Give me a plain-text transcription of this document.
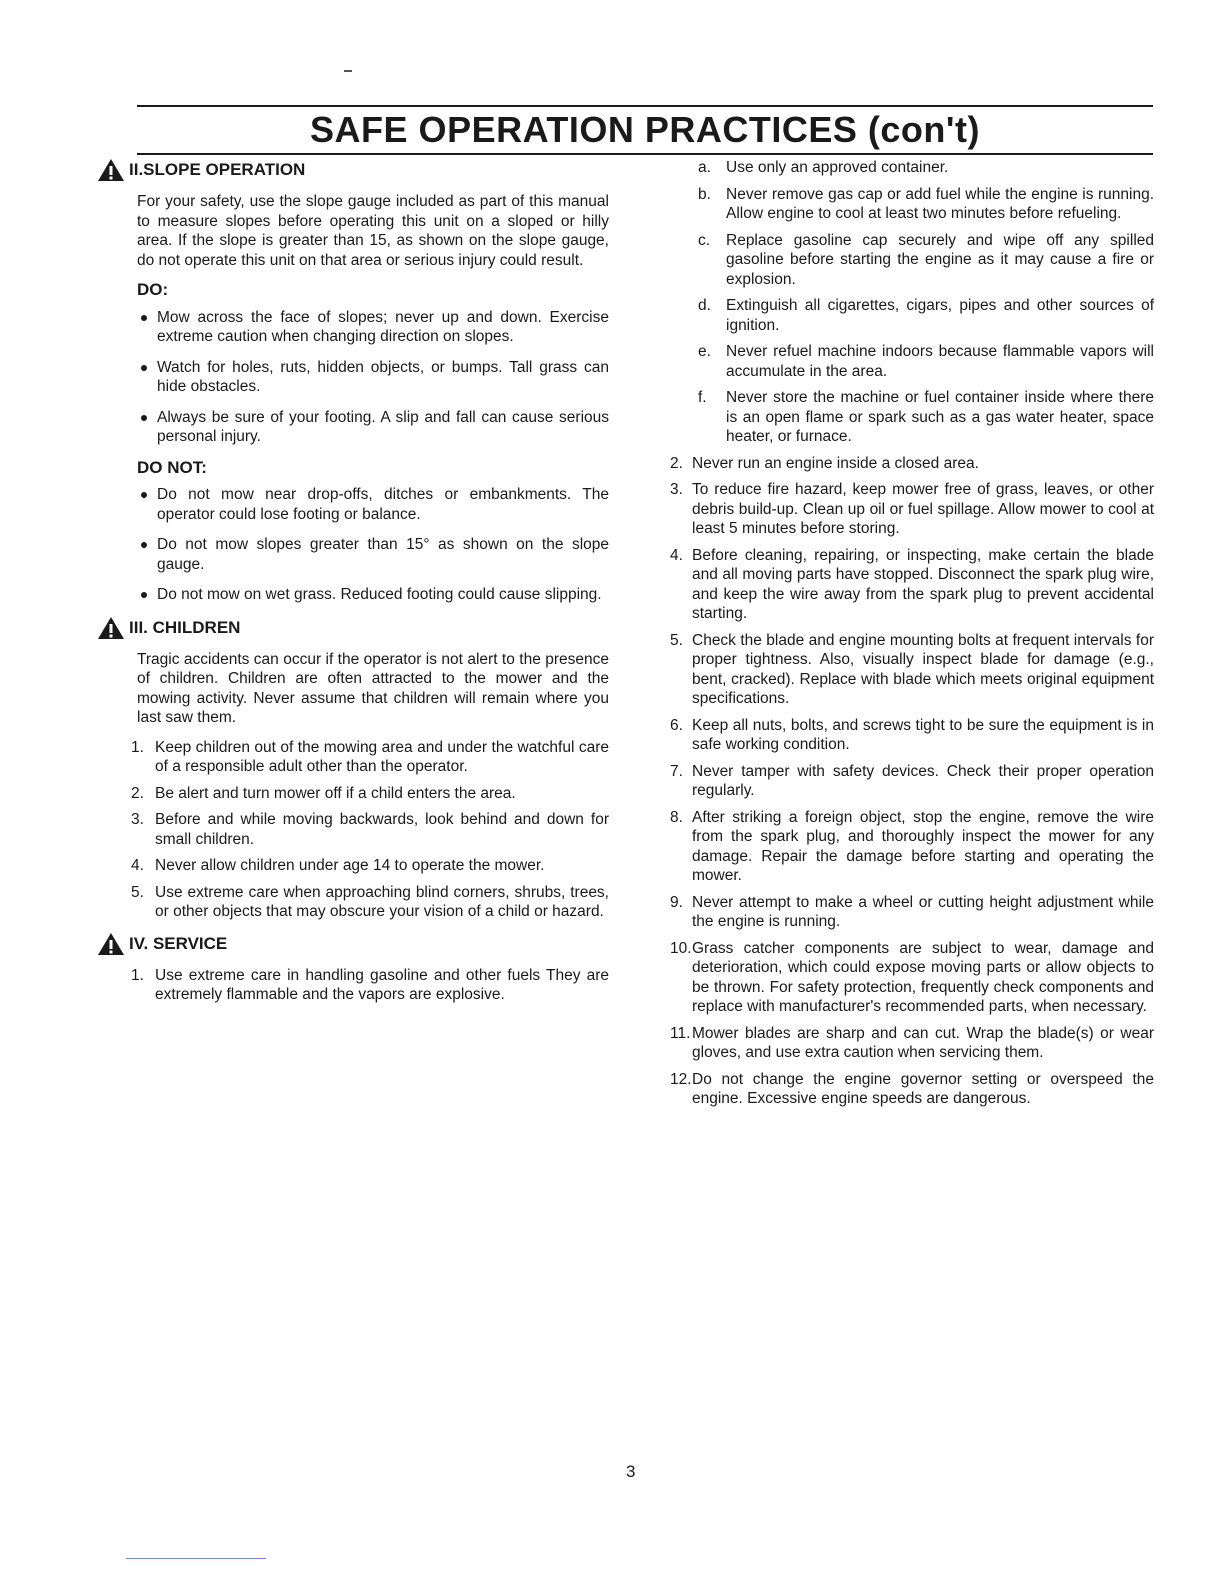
SAFE OPERATION PRACTICES (con't)
II.SLOPE OPERATION

For your safety, use the slope gauge included as part of this manual to measure slopes before operating this unit on a sloped or hilly area. If the slope is greater than 15, as shown on the slope gauge, do not operate this unit on that area or serious injury could result.

DO:

Mow across the face of slopes; never up and down. Exercise extreme caution when changing direction on slopes.
Watch for holes, ruts, hidden objects, or bumps. Tall grass can hide obstacles.
Always be sure of your footing. A slip and fall can cause serious personal injury.

DO NOT:

Do not mow near drop-offs, ditches or embankments. The operator could lose footing or balance.
Do not mow slopes greater than 15° as shown on the slope gauge.
Do not mow on wet grass. Reduced footing could cause slipping.
III. CHILDREN

Tragic accidents can occur if the operator is not alert to the presence of children. Children are often attracted to the mower and the mowing activity. Never assume that children will remain where you last saw them.

1. Keep children out of the mowing area and under the watchful care of a responsible adult other than the operator.
2. Be alert and turn mower off if a child enters the area.
3. Before and while moving backwards, look behind and down for small children.
4. Never allow children under age 14 to operate the mower.
5. Use extreme care when approaching blind corners, shrubs, trees, or other objects that may obscure your vision of a child or hazard.
IV. SERVICE
1. Use extreme care in handling gasoline and other fuels They are extremely flammable and the vapors are explosive.
a. Use only an approved container.
b. Never remove gas cap or add fuel while the engine is running. Allow engine to cool at least two minutes before refueling.
c. Replace gasoline cap securely and wipe off any spilled gasoline before starting the engine as it may cause a fire or explosion.
d. Extinguish all cigarettes, cigars, pipes and other sources of ignition.
e. Never refuel machine indoors because flammable vapors will accumulate in the area.
f. Never store the machine or fuel container inside where there is an open flame or spark such as a gas water heater, space heater, or furnace.
2. Never run an engine inside a closed area.
3. To reduce fire hazard, keep mower free of grass, leaves, or other debris build-up. Clean up oil or fuel spillage. Allow mower to cool at least 5 minutes before storing.
4. Before cleaning, repairing, or inspecting, make certain the blade and all moving parts have stopped. Disconnect the spark plug wire, and keep the wire away from the spark plug to prevent accidental starting.
5. Check the blade and engine mounting bolts at frequent intervals for proper tightness. Also, visually inspect blade for damage (e.g., bent, cracked). Replace with blade which meets original equipment specifications.
6. Keep all nuts, bolts, and screws tight to be sure the equipment is in safe working condition.
7. Never tamper with safety devices. Check their proper operation regularly.
8. After striking a foreign object, stop the engine, remove the wire from the spark plug, and thoroughly inspect the mower for any damage. Repair the damage before starting and operating the mower.
9. Never attempt to make a wheel or cutting height adjustment while the engine is running.
10. Grass catcher components are subject to wear, damage and deterioration, which could expose moving parts or allow objects to be thrown. For safety protection, frequently check components and replace with manufacturer's recommended parts, when necessary.
11. Mower blades are sharp and can cut. Wrap the blade(s) or wear gloves, and use extra caution when servicing them.
12. Do not change the engine governor setting or overspeed the engine. Excessive engine speeds are dangerous.
3
